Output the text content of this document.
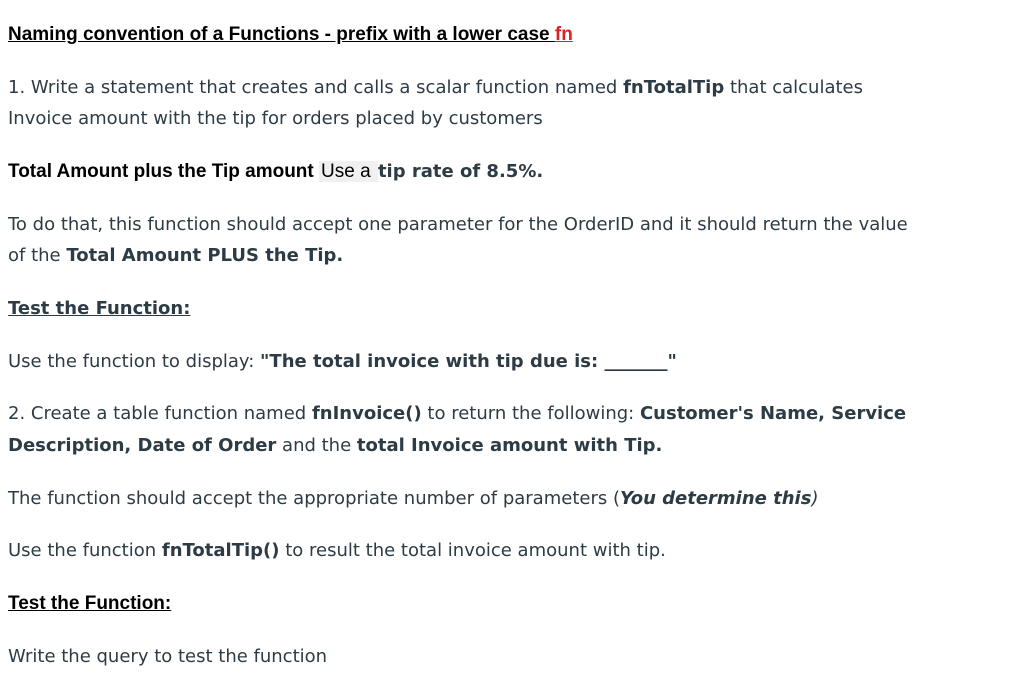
Naming convention of a Functions - prefix with a lower case fn
1. Write a statement that creates and calls a scalar function named fnTotalTip that calculates
Invoice amount with the tip for orders placed by customers
Total Amount plus the Tip amount Use a tip rate of 8.5%.
To do that, this function should accept one parameter for the OrderID and it should return the value
of the Total Amount PLUS the Tip.
Test the Function:
Use the function to display: "The total invoice with tip due is: _______"
2. Create a table function named fnInvoice() to return the following: Customer's Name, Service
Description, Date of Order and the total Invoice amount with Tip.
The function should accept the appropriate number of parameters (You determine this)
Use the function fnTotalTip() to result the total invoice amount with tip.
Test the Function:
Write the query to test the function
